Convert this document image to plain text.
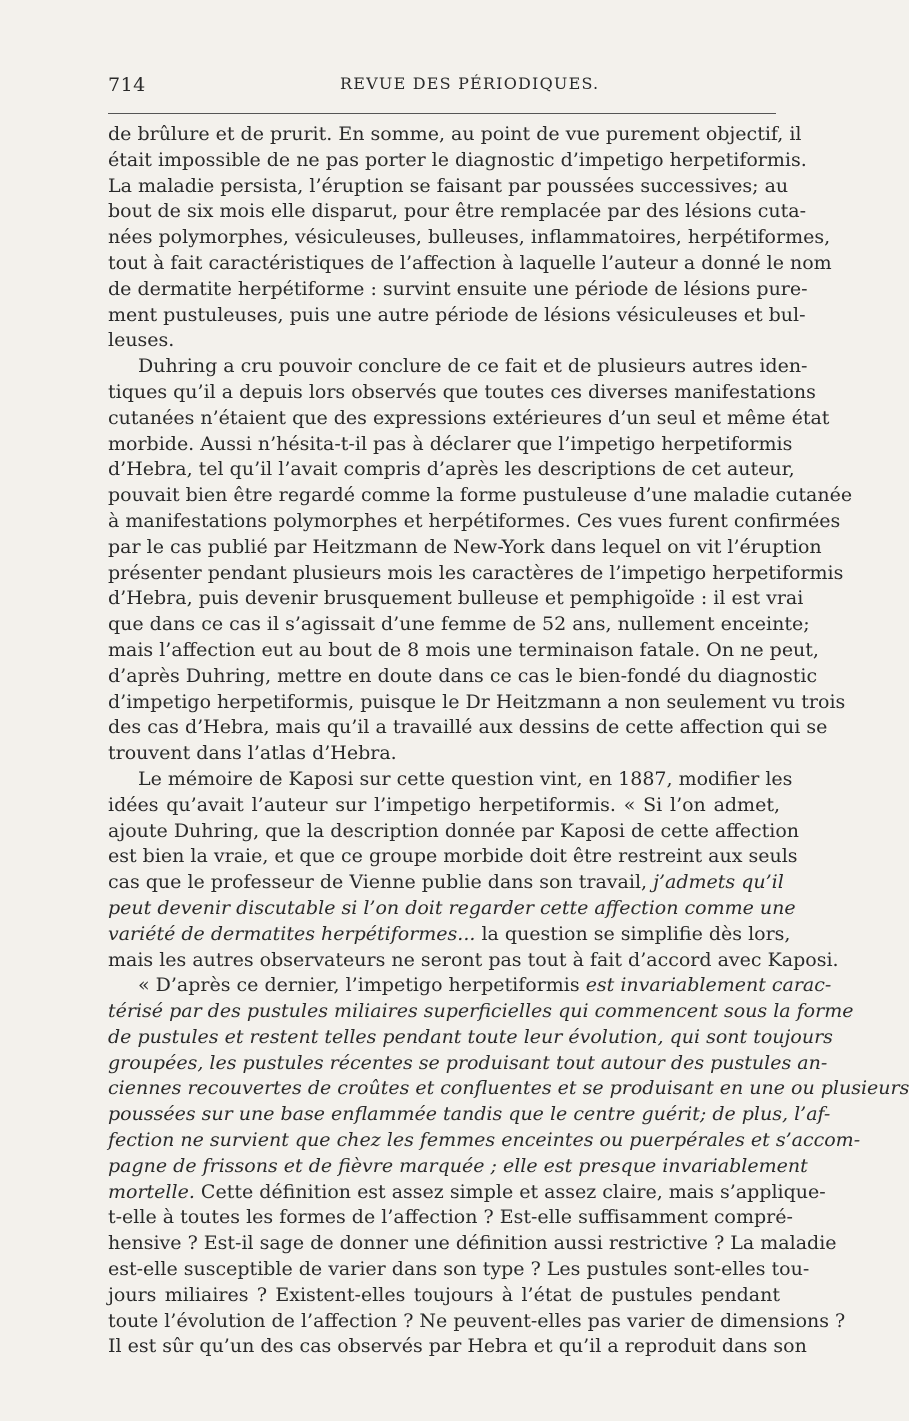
714	REVUE DES PÉRIODIQUES.
de brûlure et de prurit. En somme, au point de vue purement objectif, il
était impossible de ne pas porter le diagnostic d’impetigo herpetiformis.
La maladie persista, l’éruption se faisant par poussées successives; au
bout de six mois elle disparut, pour être remplacée par des lésions cuta-
nées polymorphes, vésiculeuses, bulleuses, inflammatoires, herpétiformes,
tout à fait caractéristiques de l’affection à laquelle l’auteur a donné le nom
de dermatite herpétiforme : survint ensuite une période de lésions pure-
ment pustuleuses, puis une autre période de lésions vésiculeuses et bul-
leuses.
Duhring a cru pouvoir conclure de ce fait et de plusieurs autres iden-
tiques qu’il a depuis lors observés que toutes ces diverses manifestations
cutanées n’étaient que des expressions extérieures d’un seul et même état
morbide. Aussi n’hésita-t-il pas à déclarer que l’impetigo herpetiformis
d’Hebra, tel qu’il l’avait compris d’après les descriptions de cet auteur,
pouvait bien être regardé comme la forme pustuleuse d’une maladie cutanée
à manifestations polymorphes et herpétiformes. Ces vues furent confirmées
par le cas publié par Heitzmann de New-York dans lequel on vit l’éruption
présenter pendant plusieurs mois les caractères de l’impetigo herpetiformis
d’Hebra, puis devenir brusquement bulleuse et pemphigoïde : il est vrai
que dans ce cas il s’agissait d’une femme de 52 ans, nullement enceinte;
mais l’affection eut au bout de 8 mois une terminaison fatale. On ne peut,
d’après Duhring, mettre en doute dans ce cas le bien-fondé du diagnostic
d’impetigo herpetiformis, puisque le Dr Heitzmann a non seulement vu trois
des cas d’Hebra, mais qu’il a travaillé aux dessins de cette affection qui se
trouvent dans l’atlas d’Hebra.
Le mémoire de Kaposi sur cette question vint, en 1887, modifier les
idées qu’avait l’auteur sur l’impetigo herpetiformis. « Si l’on admet,
ajoute Duhring, que la description donnée par Kaposi de cette affection
est bien la vraie, et que ce groupe morbide doit être restreint aux seuls
cas que le professeur de Vienne publie dans son travail, j’admets qu’il
peut devenir discutable si l’on doit regarder cette affection comme une
variété de dermatites herpétiformes... la question se simplifie dès lors,
mais les autres observateurs ne seront pas tout à fait d’accord avec Kaposi.
« D’après ce dernier, l’impetigo herpetiformis est invariablement carac-
térisé par des pustules miliaires superficielles qui commencent sous la forme
de pustules et restent telles pendant toute leur évolution, qui sont toujours
groupées, les pustules récentes se produisant tout autour des pustules an-
ciennes recouvertes de croûtes et confluentes et se produisant en une ou plusieurs
poussées sur une base enflammée tandis que le centre guérit; de plus, l’af-
fection ne survient que chez les femmes enceintes ou puerpérales et s’accom-
pagne de frissons et de fièvre marquée ; elle est presque invariablement
mortelle. Cette définition est assez simple et assez claire, mais s’applique-
t-elle à toutes les formes de l’affection ? Est-elle suffisamment compré-
hensive ? Est-il sage de donner une définition aussi restrictive ? La maladie
est-elle susceptible de varier dans son type ? Les pustules sont-elles tou-
jours miliaires ? Existent-elles toujours à l’état de pustules pendant
toute l’évolution de l’affection ? Ne peuvent-elles pas varier de dimensions ?
Il est sûr qu’un des cas observés par Hebra et qu’il a reproduit dans son
